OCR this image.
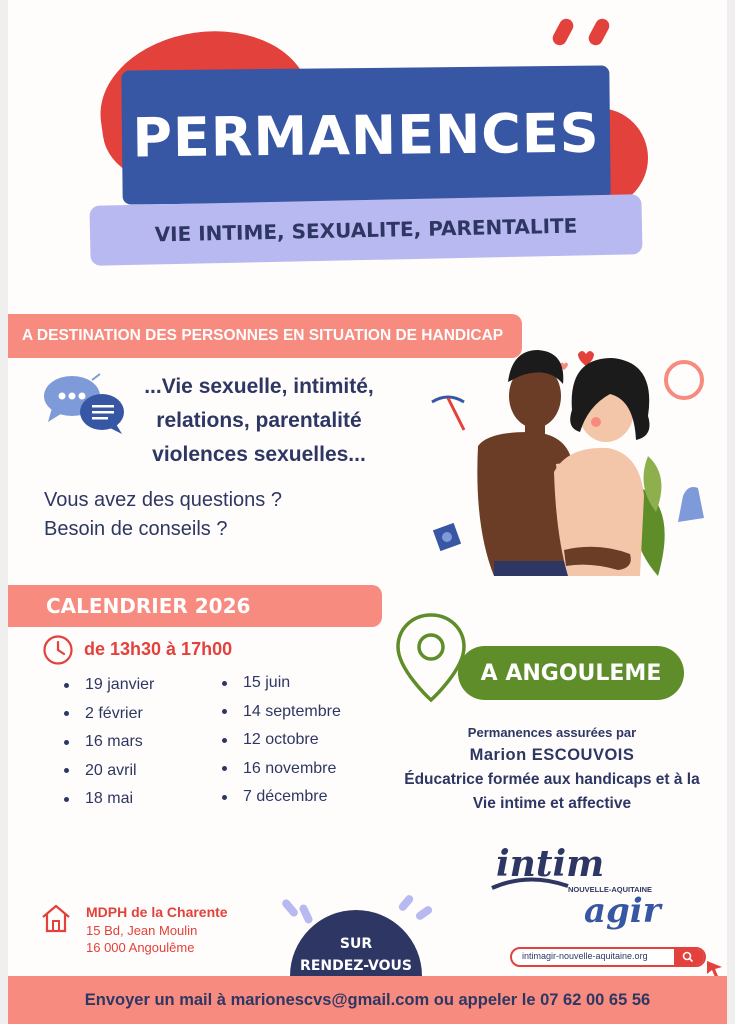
PERMANENCES
VIE INTIME, SEXUALITE, PARENTALITE
A DESTINATION DES PERSONNES EN SITUATION DE HANDICAP
...Vie sexuelle, intimité,
relations, parentalité
violences sexuelles...
Vous avez des questions ?
Besoin de conseils ?
CALENDRIER 2026
de 13h30 à 17h00
19 janvier
2 février
16 mars
20 avril
18 mai
15 juin
14 septembre
12 octobre
16 novembre
7 décembre
A ANGOULEME
Permanences assurées par
Marion ESCOUVOIS
Éducatrice formée aux handicaps et à la
Vie intime et affective
intim
NOUVELLE-AQUITAINE
agir
intimagir-nouvelle-aquitaine.org
MDPH de la Charente
15 Bd, Jean Moulin
16 000 Angoulême	SUR
RENDEZ-VOUS
Envoyer un mail à marionescvs@gmail.com ou appeler le 07 62 00 65 56
